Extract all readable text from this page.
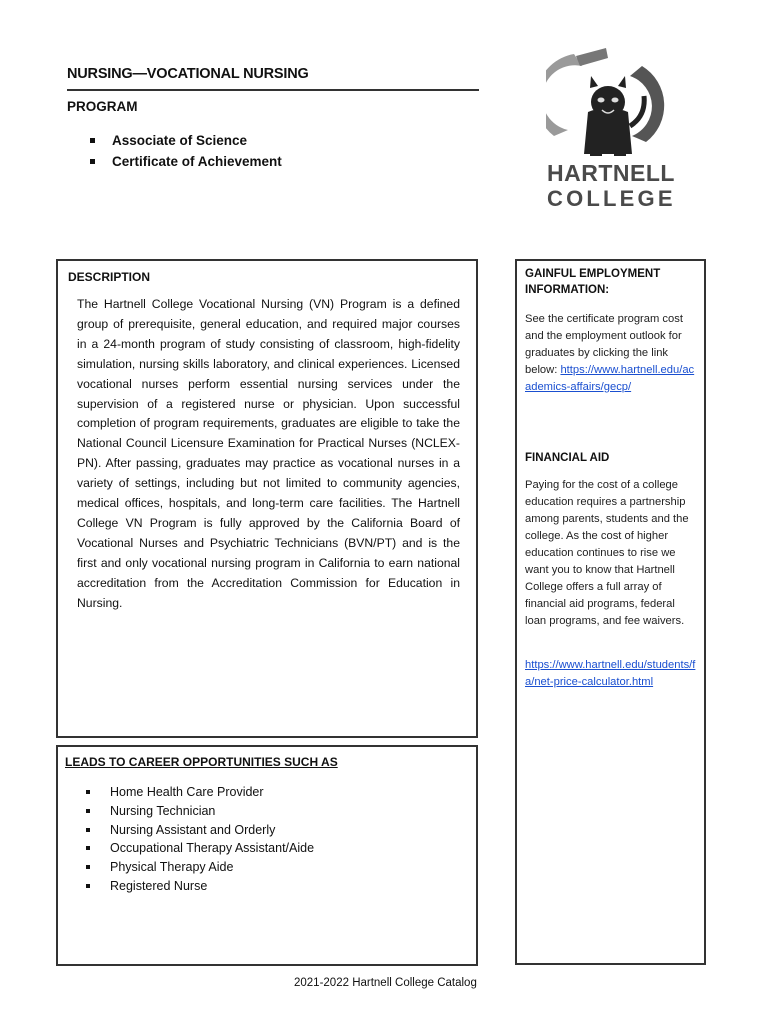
NURSING—VOCATIONAL NURSING
PROGRAM
Associate of Science
Certificate of Achievement	HARTNELL
COLLEGE
DESCRIPTION
The Hartnell College Vocational Nursing (VN) Program is a defined group of prerequisite, general education, and required major courses in a 24-month program of study consisting of classroom, high-fidelity simulation, nursing skills laboratory, and clinical experiences. Licensed vocational nurses perform essential nursing services under the supervision of a registered nurse or physician. Upon successful completion of program requirements, graduates are eligible to take the National Council Licensure Examination for Practical Nurses (NCLEX-PN). After passing, graduates may practice as vocational nurses in a variety of settings, including but not limited to community agencies, medical offices, hospitals, and long-term care facilities. The Hartnell College VN Program is fully approved by the California Board of Vocational Nurses and Psychiatric Technicians (BVN/PT) and is the first and only vocational nursing program in California to earn national accreditation from the Accreditation Commission for Education in Nursing.
LEADS TO CAREER OPPORTUNITIES SUCH AS
Home Health Care Provider
Nursing Technician
Nursing Assistant and Orderly
Occupational Therapy Assistant/Aide
Physical Therapy Aide
Registered Nurse
GAINFUL EMPLOYMENT INFORMATION:
See the certificate program cost and the employment outlook for graduates by clicking the link below: https://www.hartnell.edu/academics-affairs/gecp/
FINANCIAL AID
Paying for the cost of a college education requires a partnership among parents, students and the college. As the cost of higher education continues to rise we want you to know that Hartnell College offers a full array of financial aid programs, federal loan programs, and fee waivers.
https://www.hartnell.edu/students/fa/net-price-calculator.html
2021-2022 Hartnell College Catalog
